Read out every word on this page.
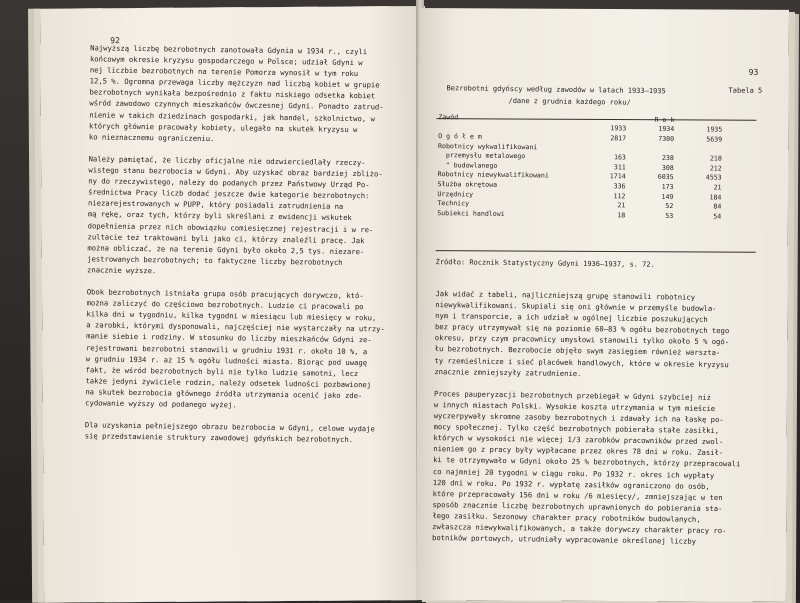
92
Najwyższą liczbę bezrobotnych zanotowała Gdynia w 1934 r., czyli
końcowym okresie kryzysu gospodarczego w Polsce; udział Gdyni w
nej liczbie bezrobotnych na terenie Pomorza wynosił w tym roku
12,5 %. Ogromna przewaga liczby mężczyzn nad liczbą kobiet w grupie
bezrobotnych wynikała bezpośrednio z faktu niskiego odsetka kobiet
wśród zawodowo czynnych mieszkańców ówczesnej Gdyni. Ponadto zatrud-
nienie w takich dziedzinach gospodarki, jak handel, szkolnictwo, w
których głównie pracowały kobiety, ulegało na skutek kryzysu w
ko nieznacznemu ograniczeniu.
Należy pamiętać, że liczby oficjalne nie odzwierciedlały rzeczy-
wistego stanu bezrobocia w Gdyni. Aby uzyskać obraz bardziej zbliżo-
ny do rzeczywistego, należy do podanych przez Państwowy Urząd Po-
średnictwa Pracy liczb dodać jeszcze dwie kategorie bezrobotnych:
niezarejestrowanych w PUPP, który posiadali zatrudnienia na
mą rękę, oraz tych, którzy byli skreślani z ewidencji wskutek
dopełnienia przez nich obowiązku comiesięcznej rejestracji i w re-
zultacie też traktowani byli jako ci, którzy znaleźli pracę. Jak
można obliczać, że na terenie Gdyni było około 2,5 tys. niezare-
jestrowanych bezrobotnych; to faktyczne liczby bezrobotnych
znacznie wyższe.
Obok bezrobotnych istniała grupa osób pracujących dorywczo, któ-
można zaliczyć do częściowo bezrobotnych. Ludzie ci pracowali po
kilka dni w tygodniu, kilka tygodni w miesiącu lub miesięcy w roku,
a zarobki, którymi dysponowali, najczęściej nie wystarczały na utrzy-
manie siebie i rodziny. W stosunku do liczby mieszkańców Gdyni ze-
rejestrowani bezrobotni stanowili w grudniu 1931 r. około 10 %, a
w grudniu 1934 r. aż 15 % ogółu ludności miasta. Biorąc pod uwagę
fakt, że wśród bezrobotnych byli nie tylko ludzie samotni, lecz
także jedyni żywiciele rodzin, należy odsetek ludności pozbawionej
na skutek bezrobocia głównego źródła utrzymania ocenić jako zde-
cydowanie wyższy od podanego wyżej.
Dla uzyskania pełniejszego obrazu bezrobocia w Gdyni, celowe wydaje
się przedstawienie struktury zawodowej gdyńskich bezrobotnych.
93
Bezrobotni gdyńscy według zawodów w latach 1933–1935	Tabela 5
/dane z grudnia każdego roku/
Zawód		R o k	
	1933	1934	1935
O g ó ł e m	2817	7300	5639
Robotnicy wykwalifikowani			
przemysłu metalowego	163	238	218
" budowlanego	311	308	212
Robotnicy niewykwalifikowani	1714	6035	4553
Służba okrętowa	336	173	21
Urzędnicy	112	149	184
Technicy	21	52	84
Subiekci handlowi	18	53	54
Źródło: Rocznik Statystyczny Gdyni 1936–1937, s. 72.
Jak widać z tabeli, najliczniejszą grupę stanowili robotnicy
niewykwalifikowani. Skupiali się oni głównie w przemyśle budowla-
nym i transporcie, a ich udział w ogólnej liczbie poszukujących
bez pracy utrzymywał się na poziomie 60–83 % ogółu bezrobotnych tego
okresu, przy czym pracownicy umysłowi stanowili tylko około 5 % ogó-
łu bezrobotnych. Bezrobocie objęło swym zasięgiem również warszta-
ty rzemieślnicze i sieć placówek handlowych, które w okresie kryzysu
znacznie zmniejszyły zatrudnienie.
Proces pauperyzacji bezrobotnych przebiegał w Gdyni szybciej niż
w innych miastach Polski. Wysokie koszta utrzymania w tym mieście
wyczerpywały skromne zasoby bezrobotnych i zdawały ich na łaskę po-
mocy społecznej. Tylko część bezrobotnych pobierała stałe zasiłki,
których w wysokości nie więcej 1/3 zarobków pracowników przed zwol-
nieniem go z pracy były wypłacane przez okres 78 dni w roku. Zasił-
ki te otrzymywało w Gdyni około 25 % bezrobotnych, którzy przepracowali
co najmniej 20 tygodni w ciągu roku. Po 1932 r. okres ich wypłaty
120 dni w roku. Po 1932 r. wypłatę zasiłków ograniczono do osób,
które przepracowały 156 dni w roku /6 miesięcy/, zmniejszając w ten
sposób znacznie liczbę bezrobotnych uprawnionych do pobierania sta-
łego zasiłku. Sezonowy charakter pracy robotników budowlanych,
zwłaszcza niewykwalifikowanych, a także dorywczy charakter pracy ro-
botników portowych, utrudniały wypracowanie określonej liczby
